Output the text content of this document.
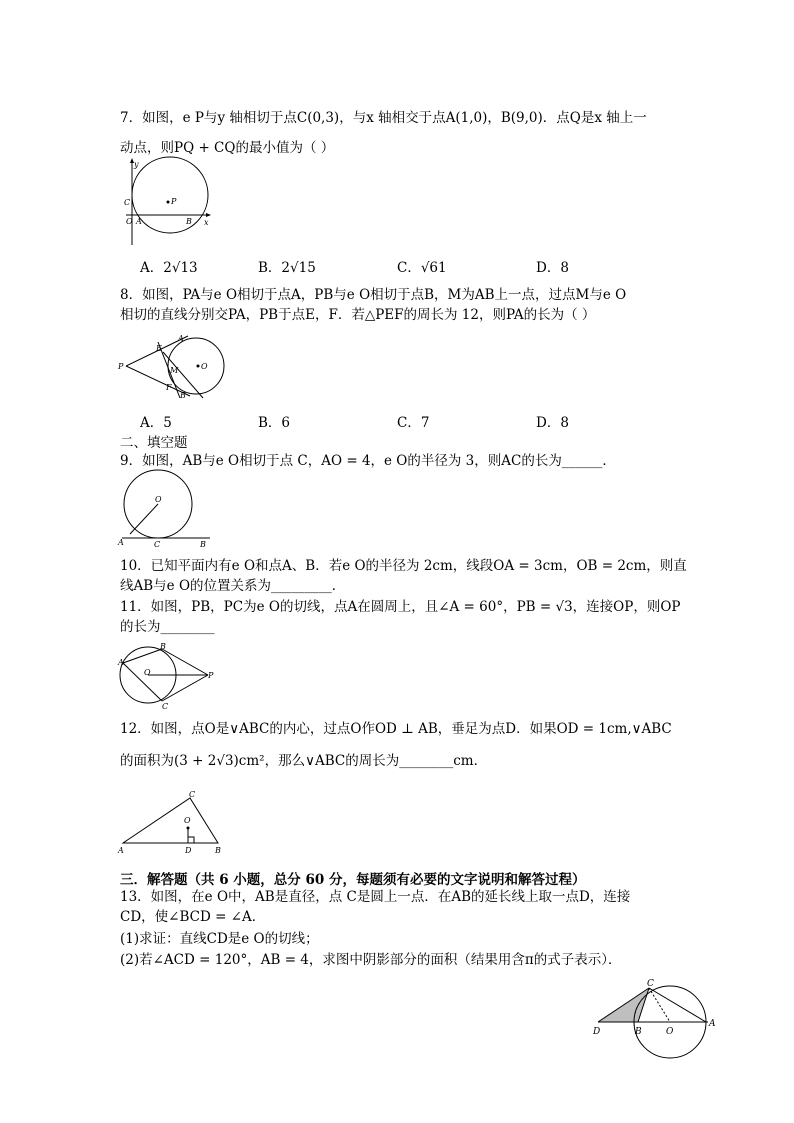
7．如图，e P与y 轴相切于点C(0,3)，与x 轴相交于点A(1,0)，B(9,0)．点Q是x 轴上一
动点，则PQ + CQ的最小值为（ ）
y
x
C	P
O A	B
A．2√13	B．2√15	C．√61	D．8
8．如图，PA与e O相切于点A，PB与e O相切于点B，M为AB上一点，过点M与e O
相切的直线分别交PA，PB于点E，F．若△PEF的周长为 12，则PA的长为（ ）
P
E
A
M	O
F
B
A．5	B．6	C．7	D．8
二、填空题
9．如图，AB与e O相切于点 C，AO = 4，e O的半径为 3，则AC的长为______．
O
A	C	B
10．已知平面内有e O和点A、B．若e O的半径为 2cm，线段OA = 3cm，OB = 2cm，则直
线AB与e O的位置关系为_________．
11．如图，PB，PC为e O的切线，点A在圆周上，且∠A = 60°，PB = √3，连接OP，则OP
的长为________
A
B
O	P
C
12．如图，点O是∨ABC的内心，过点O作OD ⊥ AB，垂足为点D．如果OD = 1cm,∨ABC
的面积为(3 + 2√3)cm²，那么∨ABC的周长为________cm．
C
O
A	D	B
三．解答题（共 6 小题，总分 60 分，每题须有必要的文字说明和解答过程）
13．如图，在e O中，AB是直径，点 C是圆上一点．在AB的延长线上取一点D，连接
CD，使∠BCD = ∠A．
(1)求证：直线CD是e O的切线；
(2)若∠ACD = 120°，AB = 4，求图中阴影部分的面积（结果用含π的式子表示）．
C
D	B	O
A
